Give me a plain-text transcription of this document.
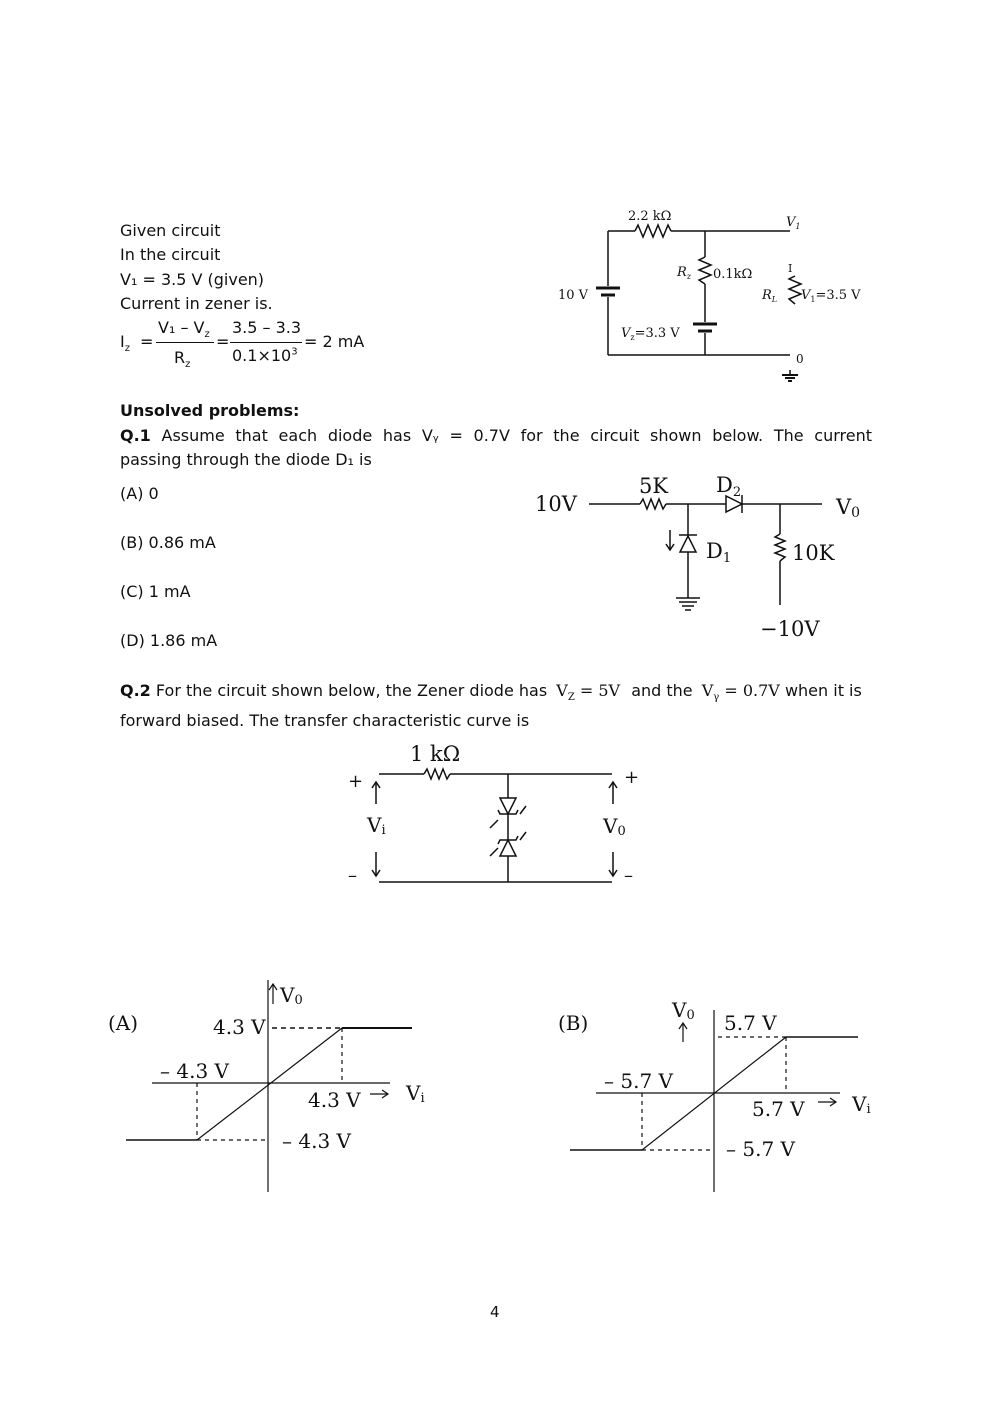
Given circuit
In the circuit
V₁ = 3.5 V (given)
Current in zener is.
$I_z$ =
$V_1 - V_z$
$R_z$
=
3.5 – 3.3
$0.1\times 10^3$
= 2 mA
2.2 kΩ	$V_1$
$R_z$ 0.1kΩ
10 V	$R_L$
I
$V_1=3.5$ V
$V_z=3.3$ V
0
Unsolved problems:
Q.1 Assume that each diode has Vᵧ = 0.7V for the circuit shown below. The current
passing through the diode D₁ is
(A) 0
(B) 0.86 mA
(C) 1 mA
(D) 1.86 mA
10V
5K D2
V0
D1	10K
−10V
Q.2 For the circuit shown below, the Zener diode has $V_Z = 5V$ and the $V_\gamma = 0.7V$ when it is
forward biased. The transfer characteristic curve is
1 kΩ
+	+
–	–
Vi	V0
(A)
V0
4.3 V
– 4.3 V
4.3 V Vi
– 4.3 V
(B)
V0 5.7 V
– 5.7 V
5.7 V Vi
– 5.7 V
4
